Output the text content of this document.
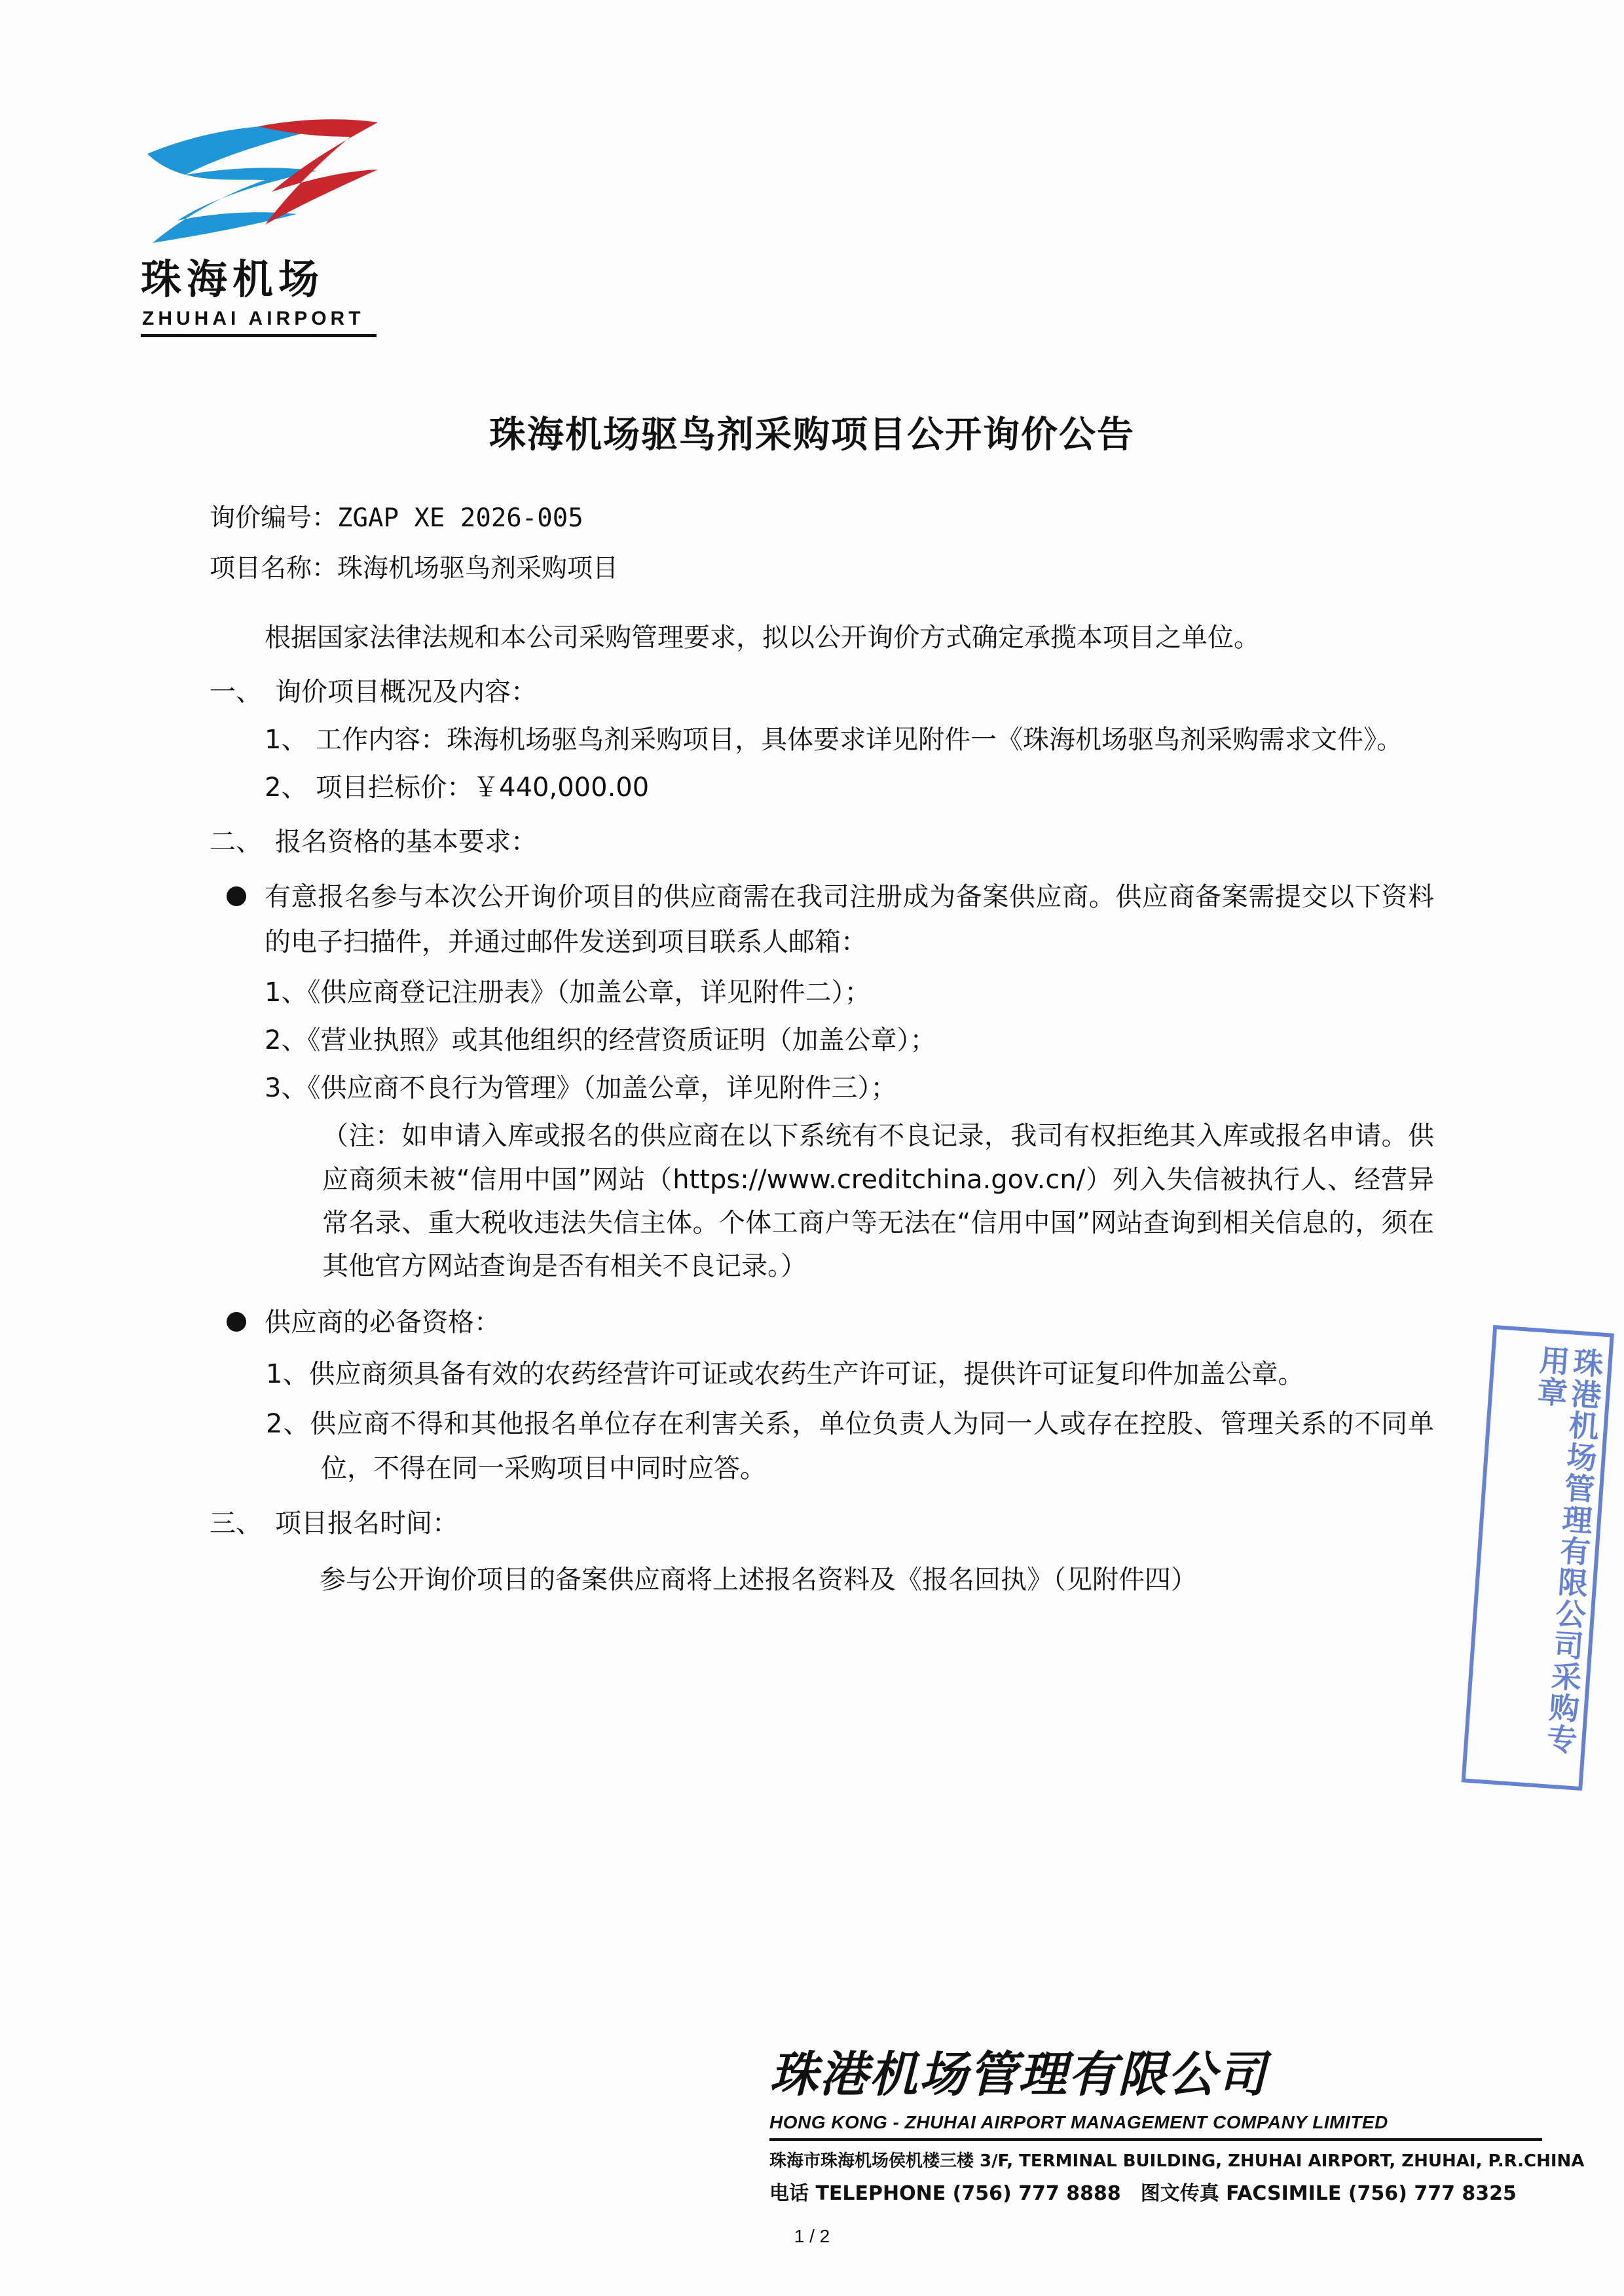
珠海机场
ZHUHAI AIRPORT
珠海机场驱鸟剂采购项目公开询价公告
询价编号：ZGAP XE 2026-005
项目名称：珠海机场驱鸟剂采购项目
根据国家法律法规和本公司采购管理要求，拟以公开询价方式确定承揽本项目之单位。
一、　 询价项目概况及内容：
1、 工作内容：珠海机场驱鸟剂采购项目，具体要求详见附件一《珠海机场驱鸟剂采购需求文件》。
2、 项目拦标价：￥440,000.00
二、　 报名资格的基本要求：
有意报名参与本次公开询价项目的供应商需在我司注册成为备案供应商。供应商备案需提交以下资料的电子扫描件，并通过邮件发送到项目联系人邮箱：
1、《供应商登记注册表》（加盖公章，详见附件二）；
2、《营业执照》或其他组织的经营资质证明（加盖公章）；
3、《供应商不良行为管理》（加盖公章，详见附件三）；
（注：如申请入库或报名的供应商在以下系统有不良记录，我司有权拒绝其入库或报名申请。供应商须未被“信用中国”网站（https://www.creditchina.gov.cn/）列入失信被执行人、经营异常名录、重大税收违法失信主体。个体工商户等无法在“信用中国”网站查询到相关信息的，须在其他官方网站查询是否有相关不良记录。）
供应商的必备资格：
1、供应商须具备有效的农药经营许可证或农药生产许可证，提供许可证复印件加盖公章。
2、供应商不得和其他报名单位存在利害关系，单位负责人为同一人或存在控股、管理关系的不同单位，不得在同一采购项目中同时应答。
三、　 项目报名时间：
参与公开询价项目的备案供应商将上述报名资料及《报名回执》（见附件四）	珠港机场管理有限公司采购专用章
珠港机场管理有限公司
HONG KONG - ZHUHAI AIRPORT MANAGEMENT COMPANY LIMITED
珠海市珠海机场侯机楼三楼 3/F, TERMINAL BUILDING, ZHUHAI AIRPORT, ZHUHAI, P.R.CHINA
电话 TELEPHONE (756) 777 8888　图文传真 FACSIMILE (756) 777 8325
1 / 2
